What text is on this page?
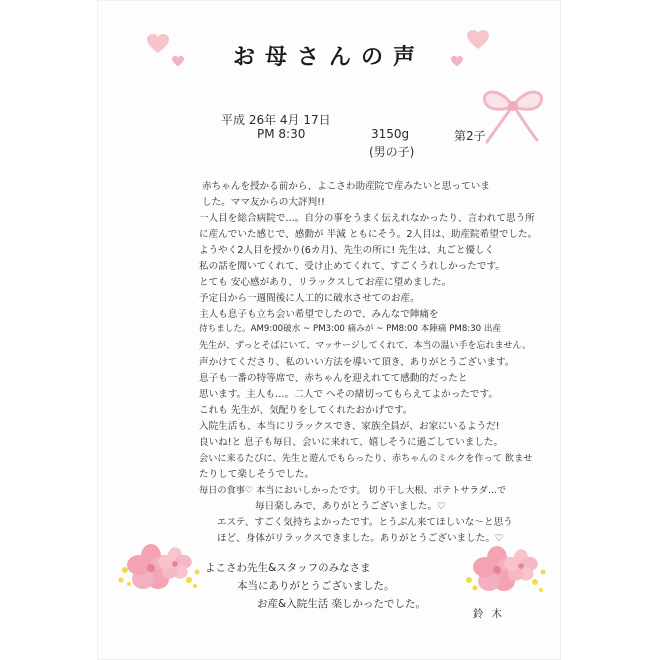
お母さんの声
平成 26年 4月 17日
PM 8:30	3150g	第2子
(男の子)
赤ちゃんを授かる前から、よこさわ助産院で産みたいと思っていま
した。ママ友からの大評判!!
一人目を総合病院で…。自分の事をうまく伝えれなかったり、言われて思う所
に産んでいた感じで、感動が 半減 ともにそう。2人目は、助産院希望でした。
ようやく2人目を授かり(6カ月)、先生の所に! 先生は、丸ごと優しく
私の話を聞いてくれて、受け止めてくれて、すごくうれしかったです。
とても 安心感があり、リラックスしてお産に望めました。
予定日から一週間後に人工的に破水させてのお産。
主人も息子も立ち会い希望でしたので、みんなで陣痛を
待ちました。AM9:00破水 ~ PM3:00 痛みが ~ PM8:00 本陣痛 PM8:30 出産
先生が、ずっとそばにいて、マッサージしてくれて、本当の温い手を忘れません。
声かけてくださり、私のいい方法を導いて頂き、ありがとうございます。
息子も一番の特等席で、赤ちゃんを迎えれてて感動的だったと
思います。主人も…。二人で へその緒切ってもらえてよかったです。
これも 先生が、気配りをしてくれたおかげです。
入院生活も、本当にリラックスでき、家族全員が、お家にいるようだ!
良いね!と 息子も毎日、会いに来れて、嬉しそうに過ごしていました。
会いに来るたびに、先生と遊んでもらったり、赤ちゃんのミルクを作って 飲ませ
たりして楽しそうでした。
毎日の食事♡ 本当においしかったです。 切り干し大根、ポテトサラダ…で
毎日楽しみで、ありがとうございました。♡
エステ、すごく気持ちよかったです。とうぶん来てほしいな～と思う
ほど、身体がリラックスできました。ありがとうございました。♡
よこさわ先生&スタッフのみなさま
本当にありがとうございました。
お産&入院生活 楽しかったでした。
鈴木
